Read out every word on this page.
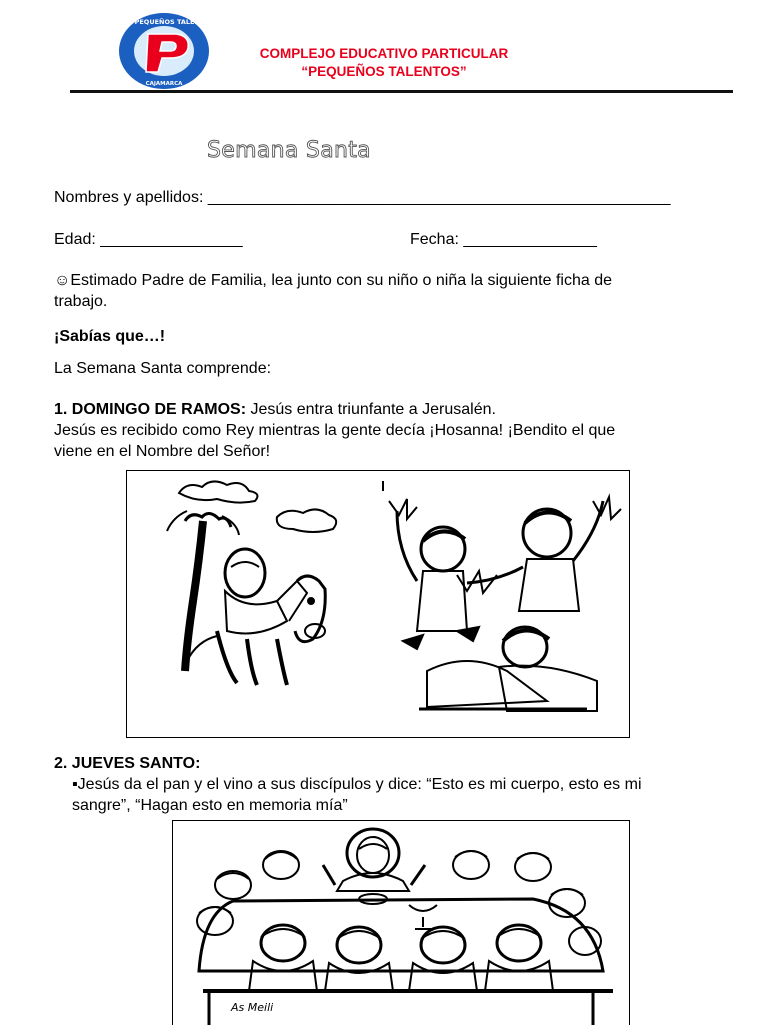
C.E.P PEQUEÑOS TALENTOS
CAJAMARCA
COMPLEJO EDUCATIVO PARTICULAR
“PEQUEÑOS TALENTOS”
Semana Santa
Nombres y apellidos: ____________________________________________________
Edad: ________________	Fecha: _______________
☺Estimado Padre de Familia, lea junto con su niño o niña la siguiente ficha de
trabajo.
¡Sabías que…!
La Semana Santa comprende:
1. DOMINGO DE RAMOS: Jesús entra triunfante a Jerusalén.
Jesús es recibido como Rey mientras la gente decía ¡Hosanna! ¡Bendito el que
viene en el Nombre del Señor!
2. JUEVES SANTO:
▪Jesús da el pan y el vino a sus discípulos y dice: “Esto es mi cuerpo, esto es mi
sangre”, “Hagan esto en memoria mía”
As Meili
